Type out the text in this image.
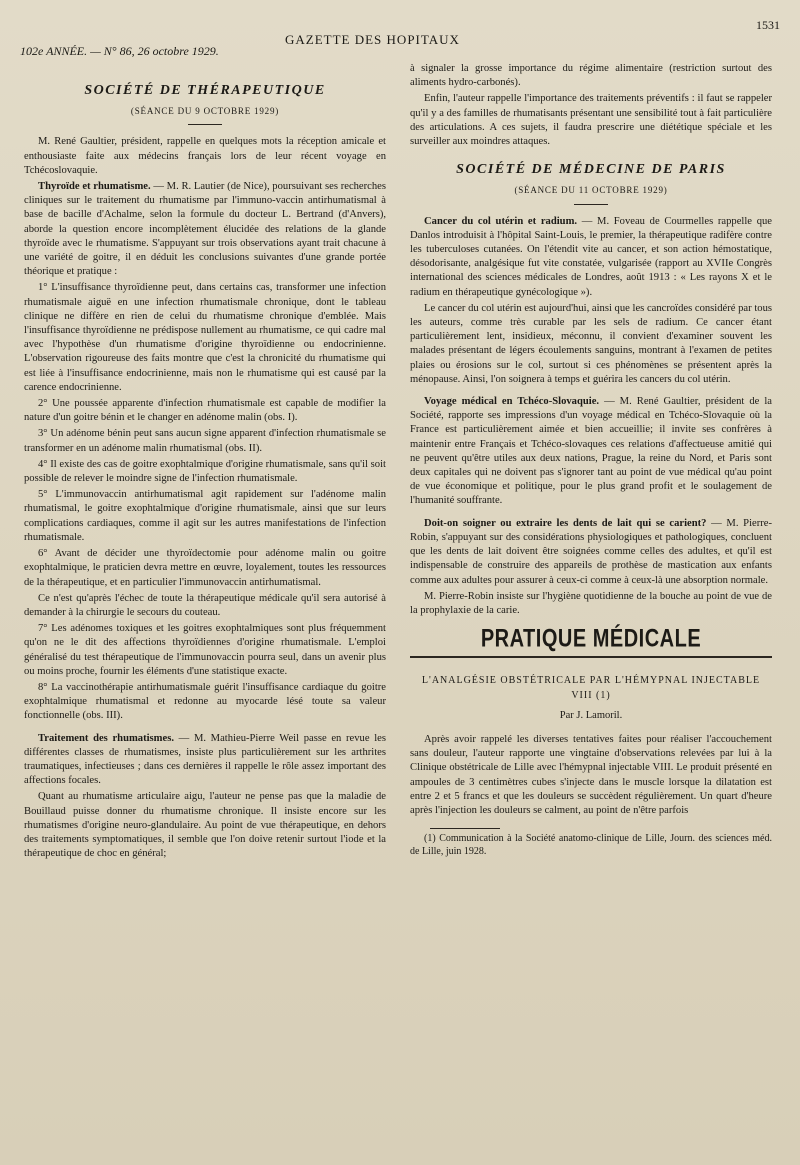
102e ANNÉE. — N° 86, 26 octobre 1929.
GAZETTE DES HOPITAUX
1531
SOCIÉTÉ DE THÉRAPEUTIQUE
(SÉANCE DU 9 OCTOBRE 1929)

M. René Gaultier, président, rappelle en quelques mots la réception amicale et enthousiaste faite aux médecins français lors de leur récent voyage en Tchécoslovaquie.

Thyroïde et rhumatisme. — M. R. Lautier (de Nice), poursuivant ses recherches cliniques sur le traitement du rhumatisme par l'immuno-vaccin antirhumatismal à base de bacille d'Achalme, selon la formule du docteur L. Bertrand (d'Anvers), aborde la question encore incomplètement élucidée des relations de la glande thyroïde avec le rhumatisme. S'appuyant sur trois observations ayant trait chacune à une variété de goitre, il en déduit les conclusions suivantes d'une grande portée théorique et pratique :

1° L'insuffisance thyroïdienne peut, dans certains cas, transformer une infection rhumatismale aiguë en une infection rhumatismale chronique, dont le tableau clinique ne diffère en rien de celui du rhumatisme chronique d'emblée. Mais l'insuffisance thyroïdienne ne prédispose nullement au rhumatisme, ce qui cadre mal avec l'hypothèse d'un rhumatisme d'origine thyroïdienne ou endocrinienne. L'observation rigoureuse des faits montre que c'est la chronicité du rhumatisme qui est liée à l'insuffisance endocrinienne, mais non le rhumatisme qui est causé par la carence endocrinienne.

2° Une poussée apparente d'infection rhumatismale est capable de modifier la nature d'un goitre bénin et le changer en adénome malin (obs. I).

3° Un adénome bénin peut sans aucun signe apparent d'infection rhumatismale se transformer en un adénome malin rhumatismal (obs. II).

4° Il existe des cas de goitre exophtalmique d'origine rhumatismale, sans qu'il soit possible de relever le moindre signe de l'infection rhumatismale.

5° L'immunovaccin antirhumatismal agit rapidement sur l'adénome malin rhumatismal, le goitre exophtalmique d'origine rhumatismale, ainsi que sur leurs complications cardiaques, comme il agit sur les autres manifestations de l'infection rhumatismale.

6° Avant de décider une thyroïdectomie pour adénome malin ou goitre exophtalmique, le praticien devra mettre en œuvre, loyalement, toutes les ressources de la thérapeutique, et en particulier l'immunovaccin antirhumatismal.

Ce n'est qu'après l'échec de toute la thérapeutique médicale qu'il sera autorisé à demander à la chirurgie le secours du couteau.

7° Les adénomes toxiques et les goitres exophtalmiques sont plus fréquemment qu'on ne le dit des affections thyroïdiennes d'origine rhumatismale. L'emploi généralisé du test thérapeutique de l'immunovaccin pourra seul, dans un avenir plus ou moins proche, fournir les éléments d'une statistique exacte.

8° La vaccinothérapie antirhumatismale guérit l'insuffisance cardiaque du goitre exophtalmique rhumatismal et redonne au myocarde lésé toute sa valeur fonctionnelle (obs. III).

Traitement des rhumatismes. — M. Mathieu-Pierre Weil passe en revue les différentes classes de rhumatismes, insiste plus particulièrement sur les arthrites traumatiques, infectieuses ; dans ces dernières il rappelle le rôle assez important des affections focales.

Quant au rhumatisme articulaire aigu, l'auteur ne pense pas que la maladie de Bouillaud puisse donner du rhumatisme chronique. Il insiste encore sur les rhumatismes d'origine neuro-glandulaire. Au point de vue thérapeutique, en dehors des traitements symptomatiques, il semble que l'on doive retenir surtout l'iode et la thérapeutique de choc en général;

à signaler la grosse importance du régime alimentaire (restriction surtout des aliments hydro-carbonés).

Enfin, l'auteur rappelle l'importance des traitements préventifs : il faut se rappeler qu'il y a des familles de rhumatisants présentant une sensibilité tout à fait particulière des articulations. A ces sujets, il faudra prescrire une diététique spéciale et les surveiller aux moindres attaques.

SOCIÉTÉ DE MÉDECINE DE PARIS
(SÉANCE DU 11 OCTOBRE 1929)

Cancer du col utérin et radium. — M. Foveau de Courmelles rappelle que Danlos introduisit à l'hôpital Saint-Louis, le premier, la thérapeutique radifère contre les tuberculoses cutanées. On l'étendit vite au cancer, et son action hémostatique, désodorisante, analgésique fut vite constatée, vulgarisée (rapport au XVIIe Congrès international des sciences médicales de Londres, août 1913 : « Les rayons X et le radium en thérapeutique gynécologique »).

Le cancer du col utérin est aujourd'hui, ainsi que les cancroïdes considéré par tous les auteurs, comme très curable par les sels de radium. Ce cancer étant particulièrement lent, insidieux, méconnu, il convient d'examiner souvent les malades présentant de légers écoulements sanguins, montrant à l'examen de petites plaies ou érosions sur le col, surtout si ces phénomènes se présentent après la ménopause. Ainsi, l'on soignera à temps et guérira les cancers du col utérin.

Voyage médical en Tchéco-Slovaquie. — M. René Gaultier, président de la Société, rapporte ses impressions d'un voyage médical en Tchéco-Slovaquie où la France est particulièrement aimée et bien accueillie; il invite ses confrères à maintenir entre Français et Tchéco-slovaques ces relations d'affectueuse amitié qui ne peuvent qu'être utiles aux deux nations, Prague, la reine du Nord, et Paris sont deux capitales qui ne doivent pas s'ignorer tant au point de vue médical qu'au point de vue économique et politique, pour le plus grand profit et le soulagement de l'humanité souffrante.

Doit-on soigner ou extraire les dents de lait qui se carient? — M. Pierre-Robin, s'appuyant sur des considérations physiologiques et pathologiques, concluent que les dents de lait doivent être soignées comme celles des adultes, et qu'il est indispensable de construire des appareils de prothèse de mastication aux enfants comme aux adultes pour assurer à ceux-ci comme à ceux-là une absorption normale.

M. Pierre-Robin insiste sur l'hygiène quotidienne de la bouche au point de vue de la prophylaxie de la carie.

PRATIQUE MÉDICALE
L'ANALGÉSIE OBSTÉTRICALE PAR L'HÉMYPNAL INJECTABLE VIII (1)
Par J. Lamoril.

Après avoir rappelé les diverses tentatives faites pour réaliser l'accouchement sans douleur, l'auteur rapporte une vingtaine d'observations relevées par lui à la Clinique obstétricale de Lille avec l'hémypnal injectable VIII. Le produit présenté en ampoules de 3 centimètres cubes s'injecte dans le muscle lorsque la dilatation est entre 2 et 5 francs et que les douleurs se succèdent régulièrement. Un quart d'heure après l'injection les douleurs se calment, au point de n'être parfois

(1) Communication à la Société anatomo-clinique de Lille, Journ. des sciences méd. de Lille, juin 1928.
